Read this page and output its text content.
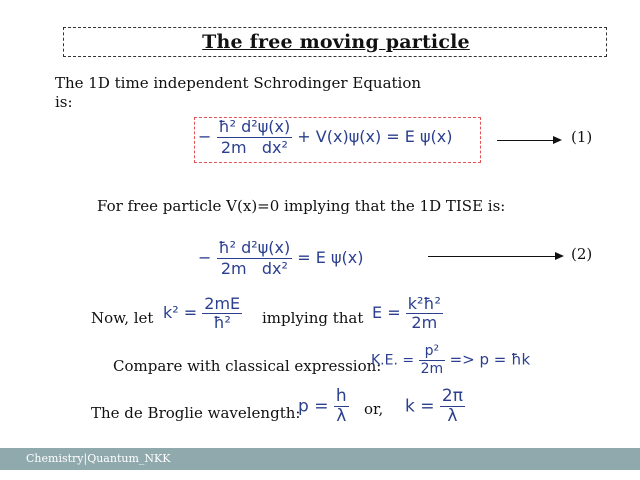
The free moving particle
The 1D time independent Schrodinger Equation
is:
− $\frac{\text{ħ² d²ψ(x)}}{\text{2m   dx²}} + V(x)\psi(x) = E$ ψ(x)	(1)
For free particle V(x)=0 implying that the 1D TISE is:
− $\frac{\text{ħ² d²ψ(x)}}{\text{2m   dx²}} = E$ ψ(x)	(2)
Now, let $k^2 = \frac{2mE}{\text{ħ²}}$ implying that $E = \frac{\text{k²ħ²}}{2m}$
Compare with classical expression:
K.E. = $\frac{\text{p²}}{2m} => p$ = ħk
The de Broglie wavelength:
$p = \frac{h}{\lambda}$ or, $k = \frac{2\pi}{\lambda}$
Chemistry|Quantum_NKK
